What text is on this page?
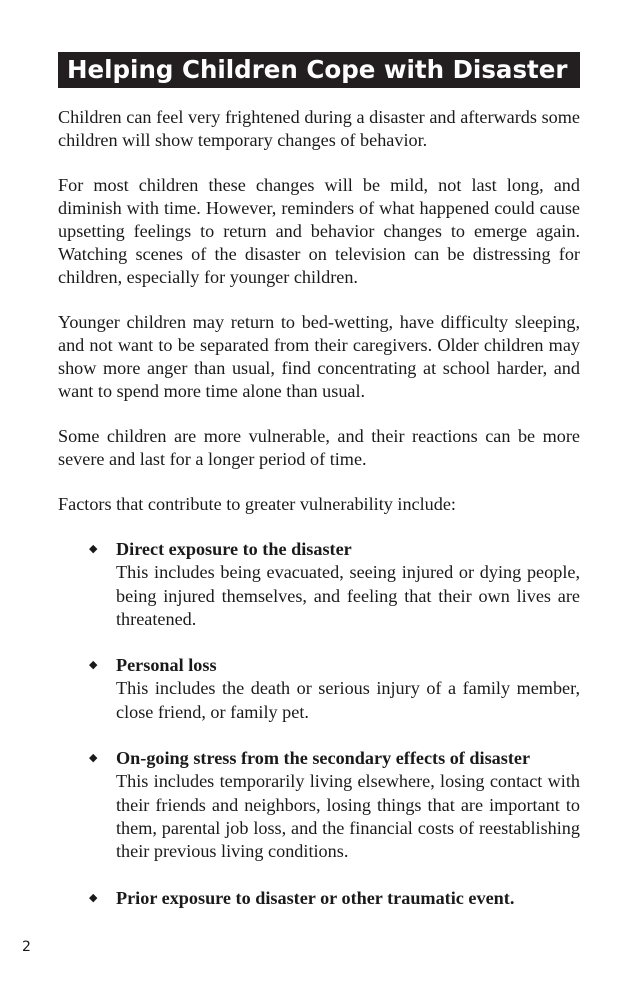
Helping Children Cope with Disaster

Children can feel very frightened during a disaster and afterwards some children will show temporary changes of behavior.

For most children these changes will be mild, not last long, and diminish with time. However, reminders of what happened could cause upsetting feelings to return and behavior changes to emerge again. Watching scenes of the disaster on television can be distressing for children, especially for younger children.

Younger children may return to bed-wetting, have difficulty sleeping, and not want to be separated from their caregivers. Older children may show more anger than usual, find concentrating at school harder, and want to spend more time alone than usual.

Some children are more vulnerable, and their reactions can be more severe and last for a longer period of time.

Factors that contribute to greater vulnerability include:

◆ Direct exposure to the disaster
This includes being evacuated, seeing injured or dying people, being injured themselves, and feeling that their own lives are threatened.
◆ Personal loss
This includes the death or serious injury of a family member, close friend, or family pet.
◆ On-going stress from the secondary effects of disaster
This includes temporarily living elsewhere, losing contact with their friends and neighbors, losing things that are important to them, parental job loss, and the financial costs of reestablishing their previous living conditions.
◆ Prior exposure to disaster or other traumatic event.
2
